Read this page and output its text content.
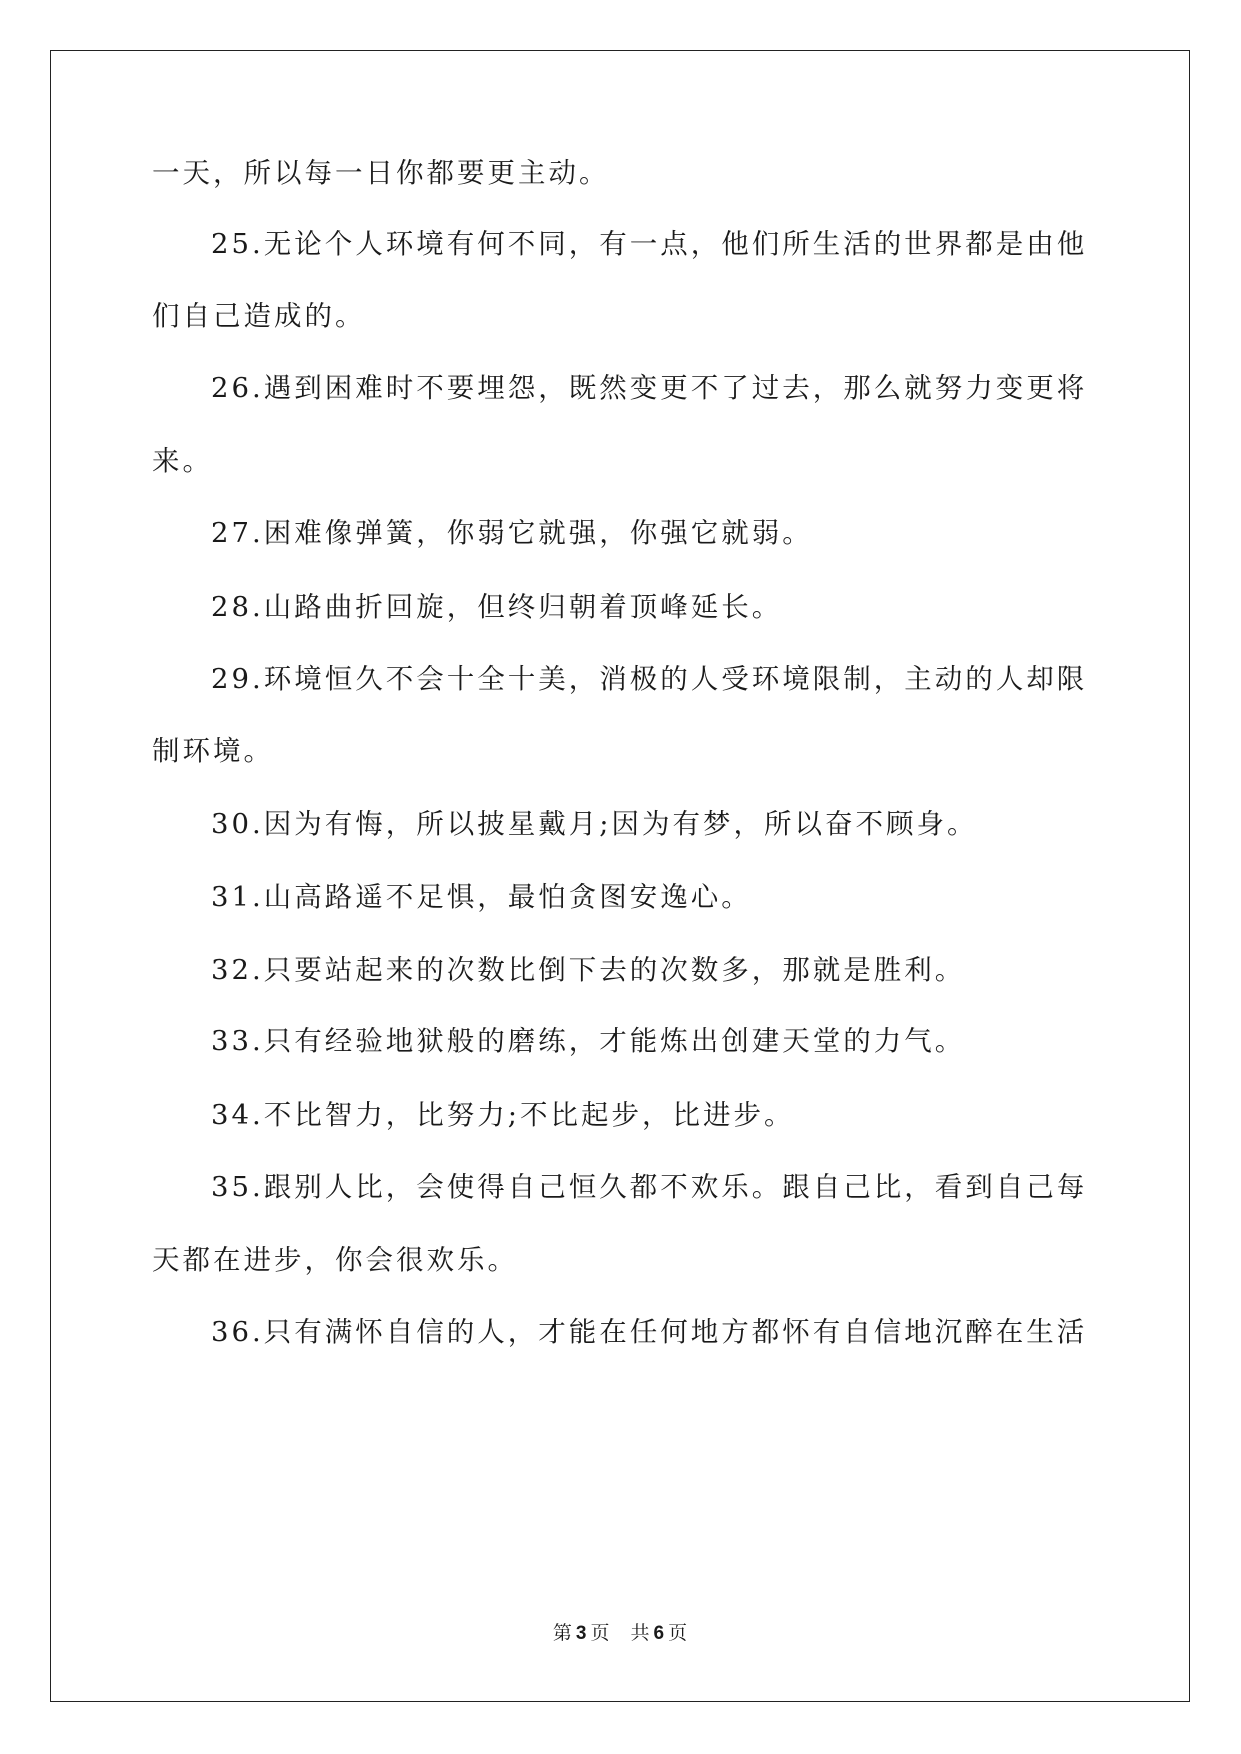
一天，所以每一日你都要更主动。
25.无论个人环境有何不同，有一点，他们所生活的世界都是由他
们自己造成的。
26.遇到困难时不要埋怨，既然变更不了过去，那么就努力变更将
来。
27.困难像弹簧，你弱它就强，你强它就弱。
28.山路曲折回旋，但终归朝着顶峰延长。
29.环境恒久不会十全十美，消极的人受环境限制，主动的人却限
制环境。
30.因为有悔，所以披星戴月;因为有梦，所以奋不顾身。
31.山高路遥不足惧，最怕贪图安逸心。
32.只要站起来的次数比倒下去的次数多，那就是胜利。
33.只有经验地狱般的磨练，才能炼出创建天堂的力气。
34.不比智力，比努力;不比起步，比进步。
35.跟别人比，会使得自己恒久都不欢乐。跟自己比，看到自己每
天都在进步，你会很欢乐。
36.只有满怀自信的人，才能在任何地方都怀有自信地沉醉在生活
第 3 页 共 6 页
